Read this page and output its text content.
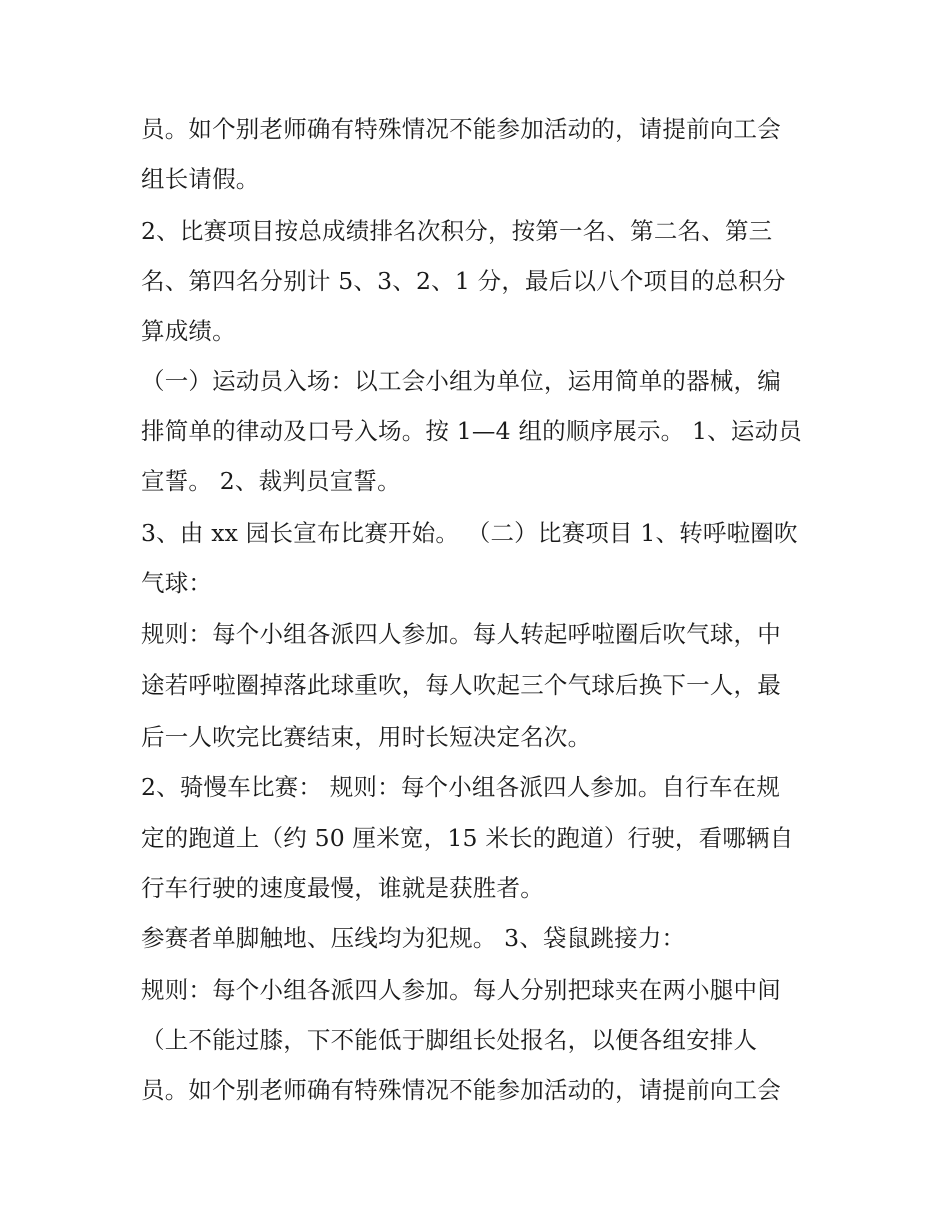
员。如个别老师确有特殊情况不能参加活动的，请提前向工会
组长请假。
2、比赛项目按总成绩排名次积分，按第一名、第二名、第三
名、第四名分别计 5、3、2、1 分，最后以八个项目的总积分
算成绩。
（一）运动员入场：以工会小组为单位，运用简单的器械，编
排简单的律动及口号入场。按 1—4 组的顺序展示。 1、运动员
宣誓。 2、裁判员宣誓。
3、由 xx 园长宣布比赛开始。 （二）比赛项目 1、转呼啦圈吹
气球：
规则：每个小组各派四人参加。每人转起呼啦圈后吹气球，中
途若呼啦圈掉落此球重吹，每人吹起三个气球后换下一人，最
后一人吹完比赛结束，用时长短决定名次。
2、骑慢车比赛： 规则：每个小组各派四人参加。自行车在规
定的跑道上（约 50 厘米宽，15 米长的跑道）行驶，看哪辆自
行车行驶的速度最慢，谁就是获胜者。
参赛者单脚触地、压线均为犯规。 3、袋鼠跳接力：
规则：每个小组各派四人参加。每人分别把球夹在两小腿中间
（上不能过膝，下不能低于脚组长处报名，以便各组安排人
员。如个别老师确有特殊情况不能参加活动的，请提前向工会
